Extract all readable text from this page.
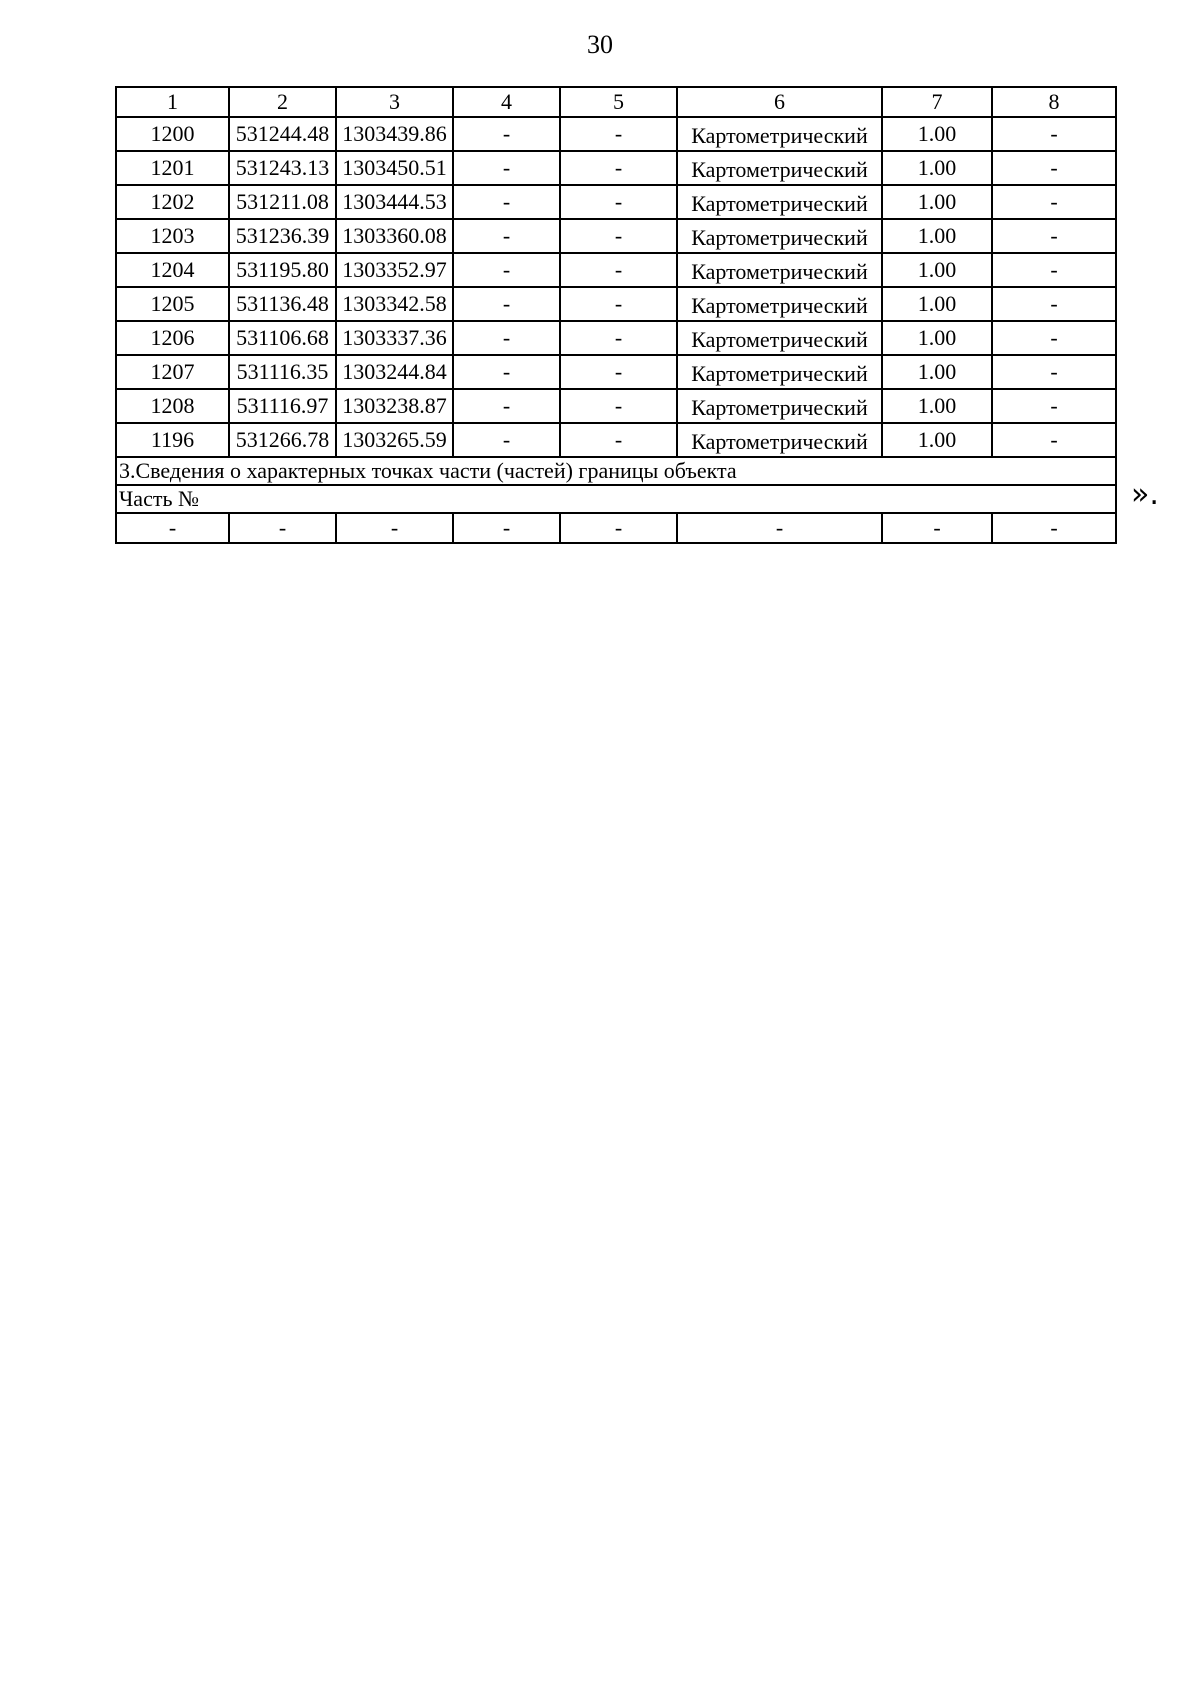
30
1	2	3	4	5	6	7	8
1200	531244.48	1303439.86	-	-	Картометрический	1.00	-
1201	531243.13	1303450.51	-	-	Картометрический	1.00	-
1202	531211.08	1303444.53	-	-	Картометрический	1.00	-
1203	531236.39	1303360.08	-	-	Картометрический	1.00	-
1204	531195.80	1303352.97	-	-	Картометрический	1.00	-
1205	531136.48	1303342.58	-	-	Картометрический	1.00	-
1206	531106.68	1303337.36	-	-	Картометрический	1.00	-
1207	531116.35	1303244.84	-	-	Картометрический	1.00	-
1208	531116.97	1303238.87	-	-	Картометрический	1.00	-
1196	531266.78	1303265.59	-	-	Картометрический	1.00	-
3.Сведения о характерных точках части (частей) границы объекта							
Часть №							
-	-	-	-	-	-	-	-
».
